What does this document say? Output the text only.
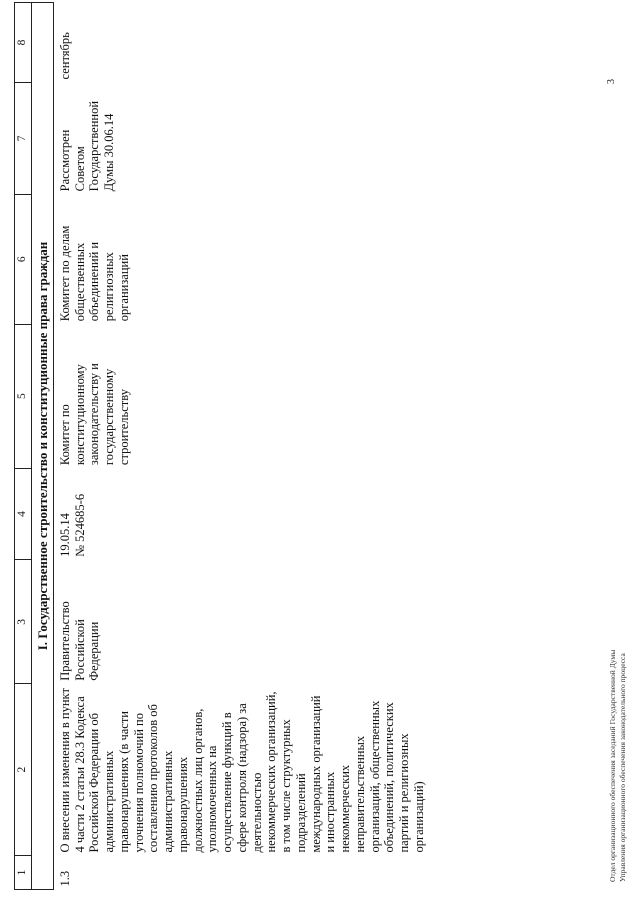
3
1	2	3	4	5	6	7	8
I. Государственное строительство и конституционные права граждан							
1.3	О внесении изменения в пункт 4 части 2 статьи 28.3 Кодекса Российской Федерации об административных правонарушениях (в части уточнения полномочий по составлению протоколов об административных правонарушениях должностных лиц органов, уполномоченных на осуществление функций в сфере контроля (надзора) за деятельностью некоммерческих организаций, в том числе структурных подразделений международных организаций и иностранных некоммерческих неправительственных организаций, общественных объединений, политических партий и религиозных организаций)	Правительство Российской Федерации	19.05.14 № 524685-6	Комитет по конституционному законодательству и государственному строительству	Комитет по делам общественных объединений и религиозных организаций	Рассмотрен Советом Государственной Думы 30.06.14	сентябрь
Отдел организационного обеспечения заседаний Государственной Думы Управления организационного обеспечения законодательного процесса
